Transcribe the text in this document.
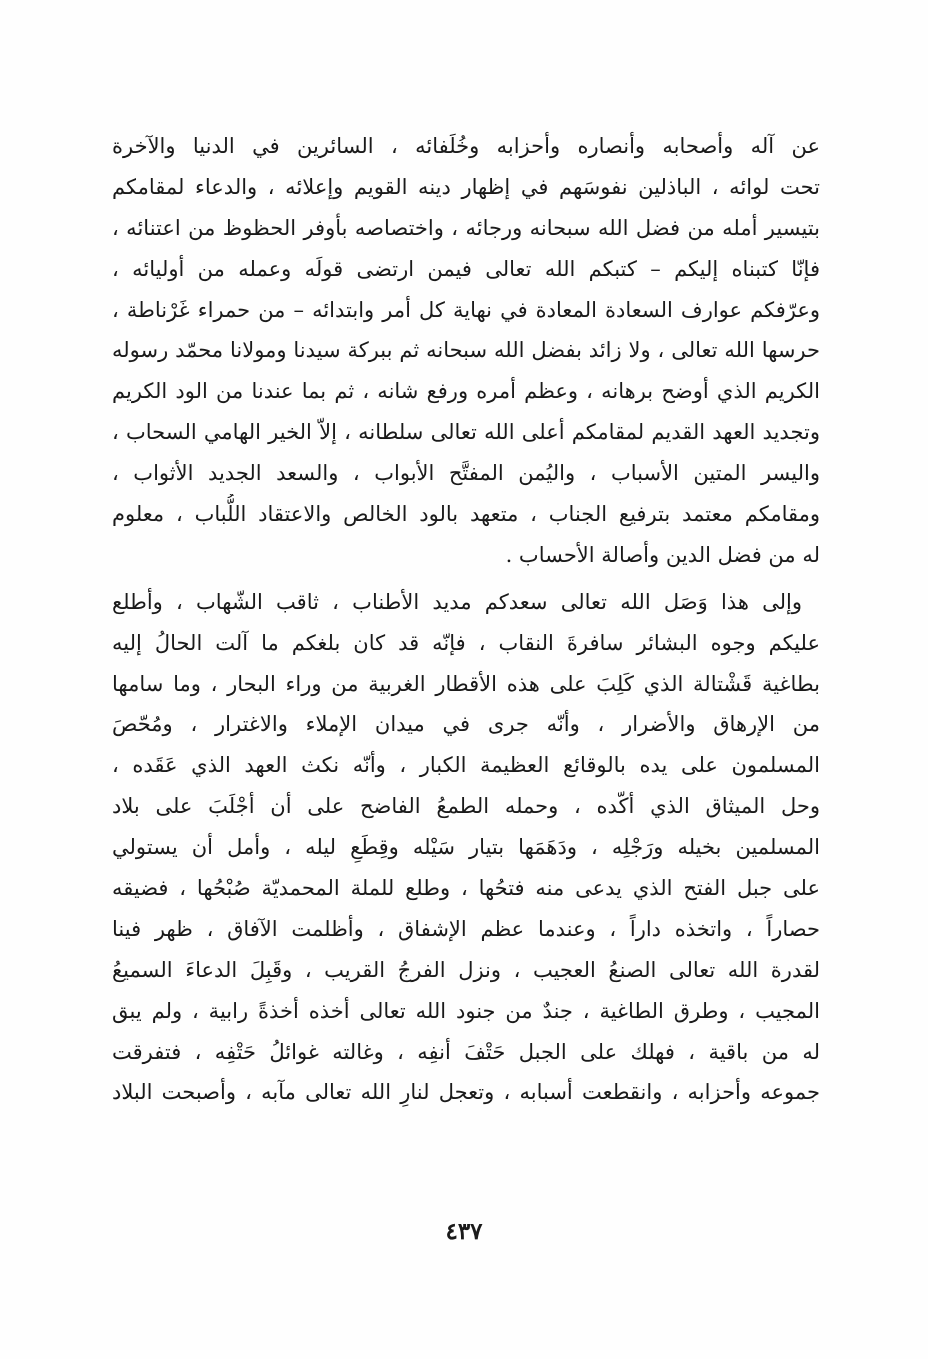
عن آله وأصحابه وأنصاره وأحزابه وخُلَفائه ، السائرين في الدنيا والآخرة
تحت لوائه ، الباذلين نفوسَهم في إظهار دينه القويم وإعلائه ، والدعاء لمقامكم
بتيسير أمله من فضل الله سبحانه ورجائه ، واختصاصه بأوفر الحظوظ من اعتنائه ،
فإنّا كتبناه إليكم – كتبكم الله تعالى فيمن ارتضى قولَه وعمله من أوليائه ،
وعرّفكم عوارف السعادة المعادة في نهاية كل أمر وابتدائه – من حمراء غَرْناطة ،
حرسها الله تعالى ، ولا زائد بفضل الله سبحانه ثم ببركة سيدنا ومولانا محمّد رسوله
الكريم الذي أوضح برهانه ، وعظم أمره ورفع شانه ، ثم بما عندنا من الود الكريم
وتجديد العهد القديم لمقامكم أعلى الله تعالى سلطانه ، إلاّ الخير الهامي السحاب ،
واليسر المتين الأسباب ، واليُمن المفتَّح الأبواب ، والسعد الجديد الأثواب ،
ومقامكم معتمد بترفيع الجناب ، متعهد بالود الخالص والاعتقاد اللُّباب ، معلوم
له من فضل الدين وأصالة الأحساب .
وإلى هذا وَصَل الله تعالى سعدكم مديد الأطناب ، ثاقب الشّهاب ، وأطلع
عليكم وجوه البشائر سافرةَ النقاب ، فإنّه قد كان بلغكم ما آلت الحالُ إليه
بطاغية قَشْتالة الذي كَلِبَ على هذه الأقطار الغربية من وراء البحار ، وما سامها
من الإرهاق والأضرار ، وأنّه جرى في ميدان الإملاء والاغترار ، ومُحّصَ
المسلمون على يده بالوقائع العظيمة الكبار ، وأنّه نكث العهد الذي عَقَده ،
وحل الميثاق الذي أكّده ، وحمله الطمعُ الفاضح على أن أجْلَبَ على بلاد
المسلمين بخيله ورَجْلِه ، ودَهَمَها بتيار سَيْله وقِطَعِ ليله ، وأمل أن يستولي
على جبل الفتح الذي يدعى منه فتحُها ، وطلع للملة المحمديّة صُبْحُها ، فضيقه
حصاراً ، واتخذه داراً ، وعندما عظم الإشفاق ، وأظلمت الآفاق ، ظهر فينا
لقدرة الله تعالى الصنعُ العجيب ، ونزل الفرجُ القريب ، وقَبِلَ الدعاءَ السميعُ
المجيب ، وطرق الطاغية ، جندٌ من جنود الله تعالى أخذه أخذةً رابية ، ولم يبق
له من باقية ، فهلك على الجبل حَتْفَ أنفِه ، وغالته غوائلُ حَتْفِه ، فتفرقت
جموعه وأحزابه ، وانقطعت أسبابه ، وتعجل لنارِ الله تعالى مآبه ، وأصبحت البلاد
٤٣٧
